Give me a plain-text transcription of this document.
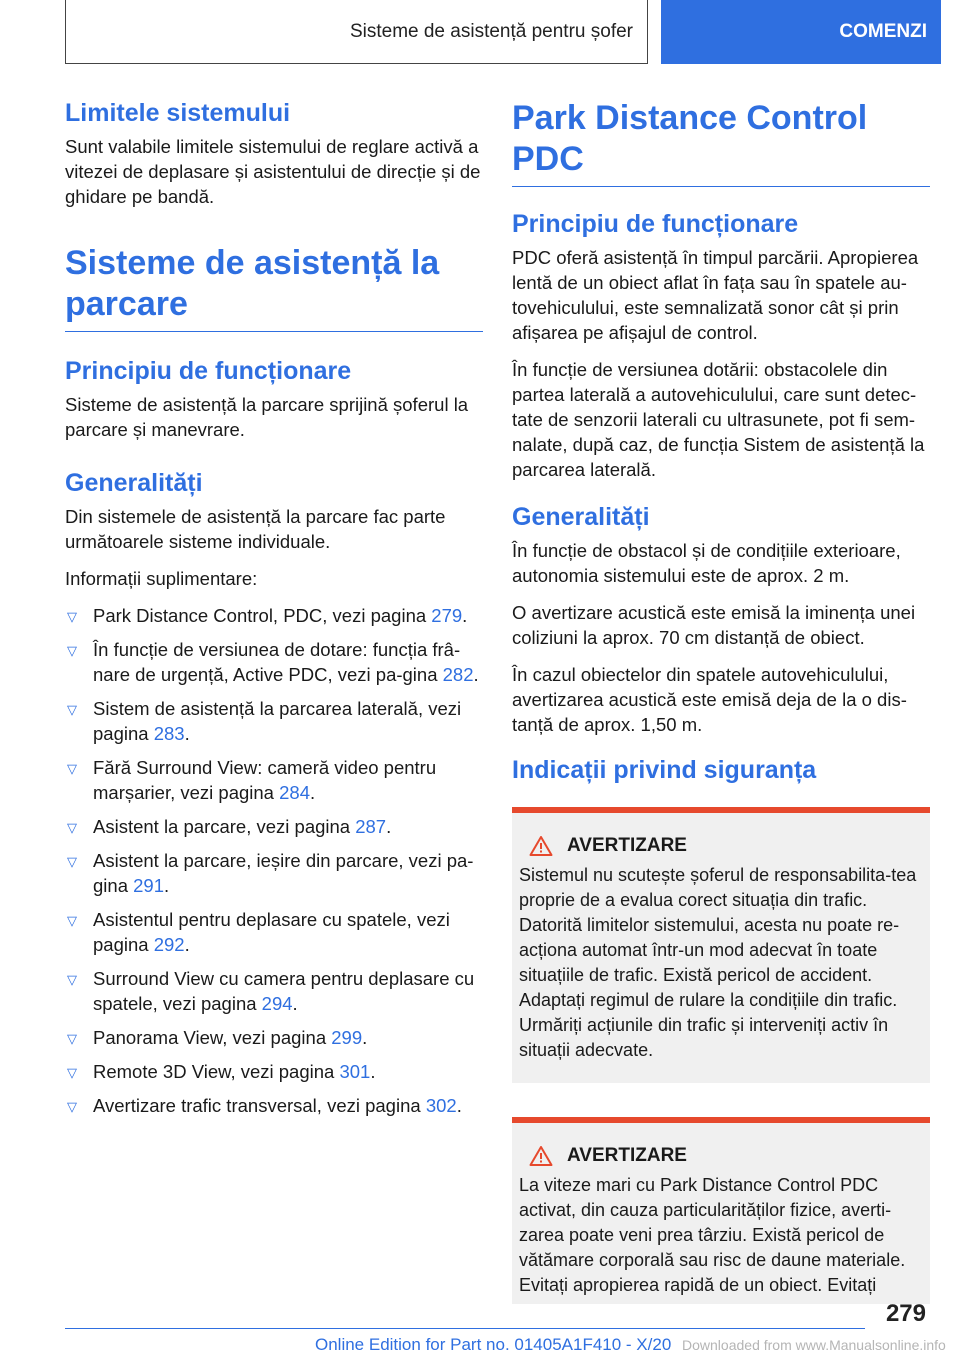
Sisteme de asistență pentru șofer	COMENZI
Limitele sistemului

Sunt valabile limitele sistemului de reglare activă a vitezei de deplasare și asistentului de direcție și de ghidare pe bandă.

Sisteme de asistență la parcare
Principiu de funcționare

Sisteme de asistență la parcare sprijină șoferul la parcare și manevrare.

Generalități

Din sistemele de asistență la parcare fac parte următoarele sisteme individuale.

Informații suplimentare:

▽ Park Distance Control, PDC, vezi pagina 279.
▽ În funcție de versiunea de dotare: funcția frâ-nare de urgență, Active PDC, vezi pa-gina 282.
▽ Sistem de asistență la parcarea laterală, vezi pagina 283.
▽ Fără Surround View: cameră video pentru marșarier, vezi pagina 284.
▽ Asistent la parcare, vezi pagina 287.
▽ Asistent la parcare, ieșire din parcare, vezi pa-gina 291.
▽ Asistentul pentru deplasare cu spatele, vezi pagina 292.
▽ Surround View cu camera pentru deplasare cu spatele, vezi pagina 294.
▽ Panorama View, vezi pagina 299.
▽ Remote 3D View, vezi pagina 301.
▽ Avertizare trafic transversal, vezi pagina 302.
Park Distance Control PDC
Principiu de funcționare

PDC oferă asistență în timpul parcării. Apropierea lentă de un obiect aflat în fața sau în spatele au-tovehiculului, este semnalizată sonor cât și prin afișarea pe afișajul de control.

În funcție de versiunea dotării: obstacolele din partea laterală a autovehiculului, care sunt detec-tate de senzorii laterali cu ultrasunete, pot fi sem-nalate, după caz, de funcția Sistem de asistență la parcarea laterală.

Generalități

În funcție de obstacol și de condițiile exterioare, autonomia sistemului este de aprox. 2 m.

O avertizare acustică este emisă la iminența unei coliziuni la aprox. 70 cm distanță de obiect.

În cazul obiectelor din spatele autovehiculului, avertizarea acustică este emisă deja de la o dis-tanță de aprox. 1,50 m.

Indicații privind siguranța
AVERTIZARE

Sistemul nu scutește șoferul de responsabilita-tea proprie de a evalua corect situația din trafic. Datorită limitelor sistemului, acesta nu poate re-acționa automat într-un mod adecvat în toate situațiile de trafic. Există pericol de accident. Adaptați regimul de rulare la condițiile din trafic. Urmăriți acțiunile din trafic și interveniți activ în situații adecvate.

AVERTIZARE

La viteze mari cu Park Distance Control PDC activat, din cauza particularităților fizice, averti-zarea poate veni prea târziu. Există pericol de vătămare corporală sau risc de daune materiale. Evitați apropierea rapidă de un obiect. Evitați

279
Online Edition for Part no. 01405A1F410 - X/20 Downloaded from www.Manualsonline.info
